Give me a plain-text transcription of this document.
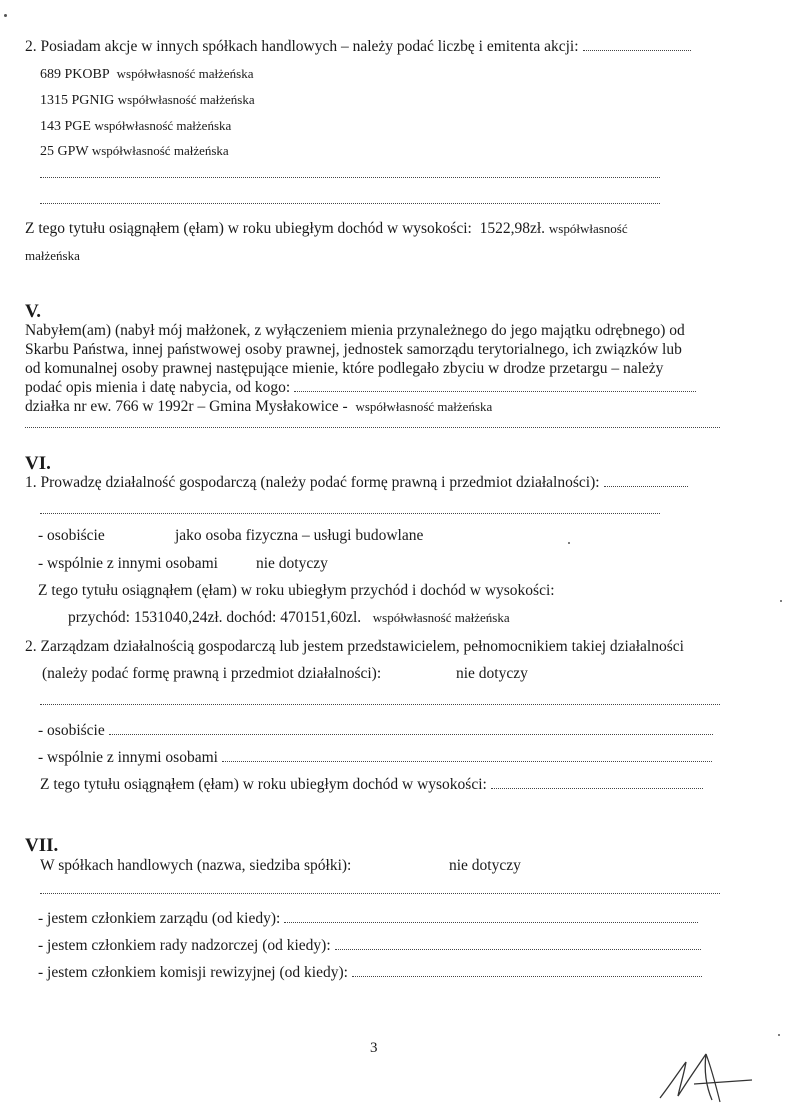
2. Posiadam akcje w innych spółkach handlowych – należy podać liczbę i emitenta akcji:
689 PKOBP współwłasność małżeńska
1315 PGNIG współwłasność małżeńska
143 PGE współwłasność małżeńska
25 GPW współwłasność małżeńska
Z tego tytułu osiągnąłem (ęłam) w roku ubiegłym dochód w wysokości: 1522,98zł. współwłasność
małżeńska
V.
Nabyłem(am) (nabył mój małżonek, z wyłączeniem mienia przynależnego do jego majątku odrębnego) od
Skarbu Państwa, innej państwowej osoby prawnej, jednostek samorządu terytorialnego, ich związków lub
od komunalnej osoby prawnej następujące mienie, które podlegało zbyciu w drodze przetargu – należy
podać opis mienia i datę nabycia, od kogo:
działka nr ew. 766 w 1992r – Gmina Mysłakowice - współwłasność małżeńska
VI.
1. Prowadzę działalność gospodarczą (należy podać formę prawną i przedmiot działalności):
- osobiście	jako osoba fizyczna – usługi budowlane
- wspólnie z innymi osobami nie dotyczy
Z tego tytułu osiągnąłem (ęłam) w roku ubiegłym przychód i dochód w wysokości:
przychód: 1531040,24zł. dochód: 470151,60zl. współwłasność małżeńska
2. Zarządzam działalnością gospodarczą lub jestem przedstawicielem, pełnomocnikiem takiej działalności
(należy podać formę prawną i przedmiot działalności):	nie dotyczy
- osobiście
- wspólnie z innymi osobami
Z tego tytułu osiągnąłem (ęłam) w roku ubiegłym dochód w wysokości:
VII.
W spółkach handlowych (nazwa, siedziba spółki):	nie dotyczy
- jestem członkiem zarządu (od kiedy):
- jestem członkiem rady nadzorczej (od kiedy):
- jestem członkiem komisji rewizyjnej (od kiedy):
3
